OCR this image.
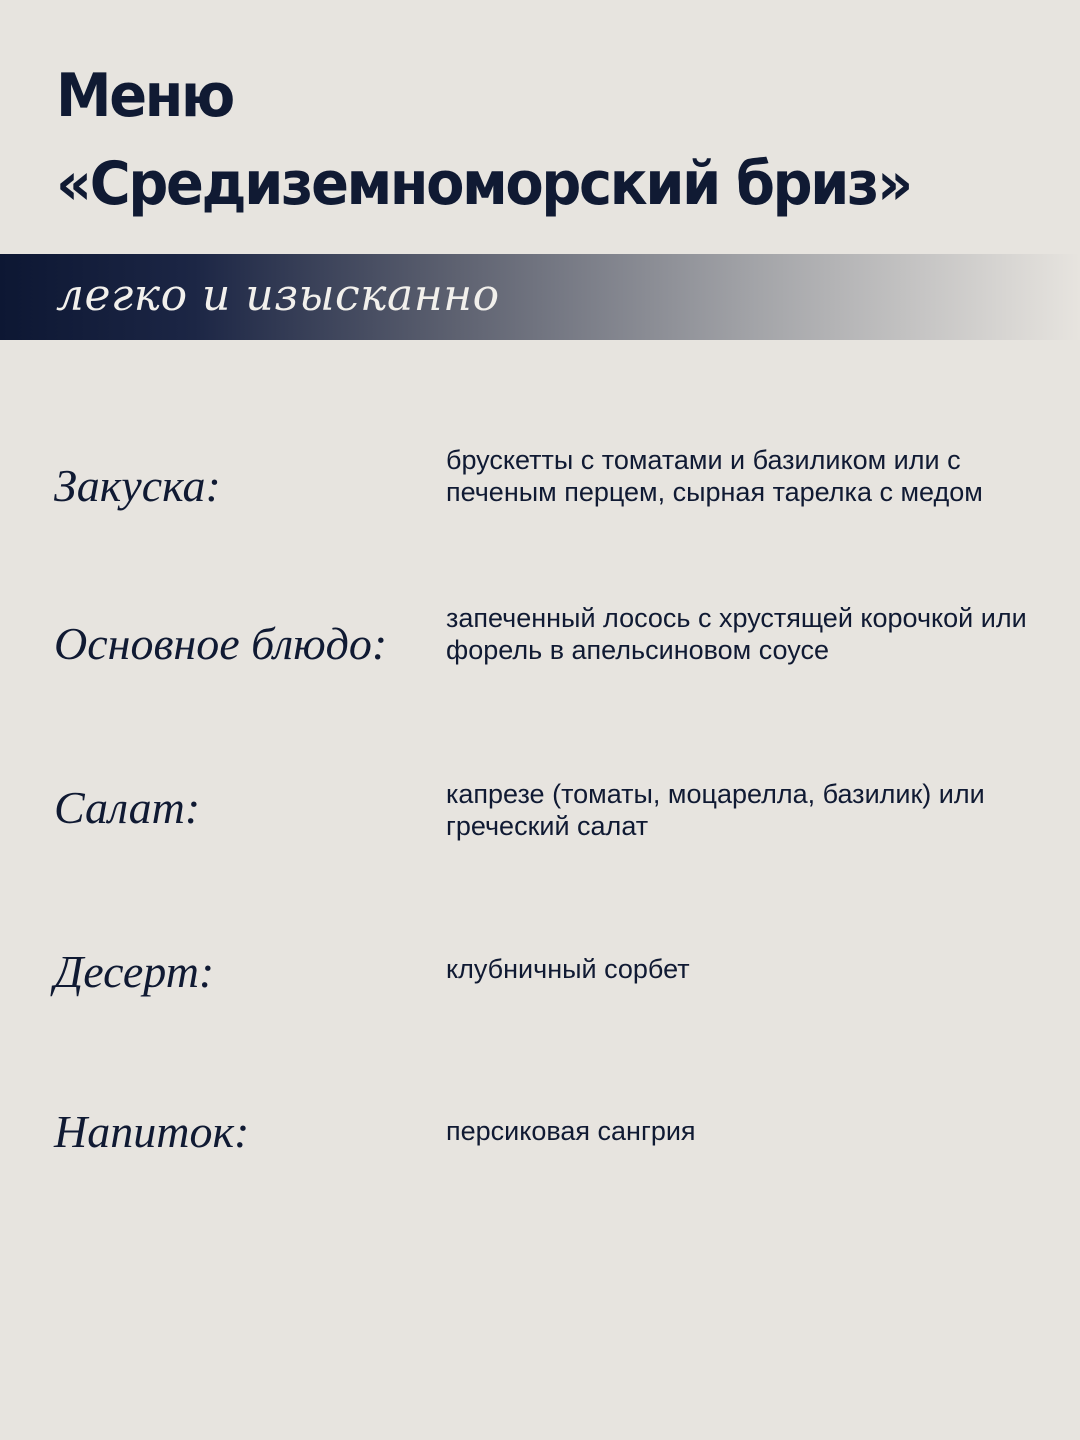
Меню
«Средиземноморский бриз»
легко и изысканно
Закуска:	брускетты с томатами и базиликом или с печеным перцем, сырная тарелка с медом
Основное блюдо: запеченный лосось с хрустящей корочкой или форель в апельсиновом соусе
Салат:	капрезе (томаты, моцарелла, базилик) или греческий салат
Десерт:	клубничный сорбет
Напиток:	персиковая сангрия
